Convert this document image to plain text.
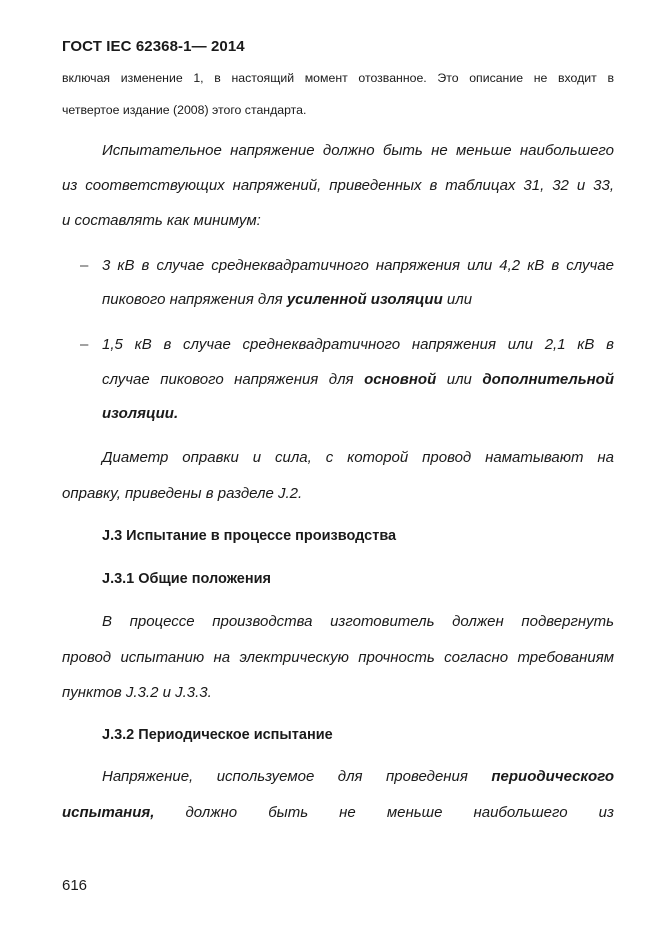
ГОСТ IEC 62368-1— 2014
включая изменение 1, в настоящий момент отозванное. Это описание не входит в
четвертое издание (2008) этого стандарта.
Испытательное напряжение должно быть не меньше наибольшего
из соответствующих напряжений, приведенных в таблицах 31, 32 и 33,
и составлять как минимум:
– 3 кВ в случае среднеквадратичного напряжения или 4,2 кВ в случае
пикового напряжения для усиленной изоляции или
– 1,5 кВ в случае среднеквадратичного напряжения или 2,1 кВ в
случае пикового напряжения для основной или дополнительной
изоляции.
Диаметр оправки и сила, с которой провод наматывают на
оправку, приведены в разделе J.2.
J.3 Испытание в процессе производства
J.3.1 Общие положения
В процессе производства изготовитель должен подвергнуть
провод испытанию на электрическую прочность согласно требованиям
пунктов J.3.2 и J.3.3.
J.3.2 Периодическое испытание
Напряжение, используемое для проведения периодического
испытания, должно быть не меньше наибольшего из
616
